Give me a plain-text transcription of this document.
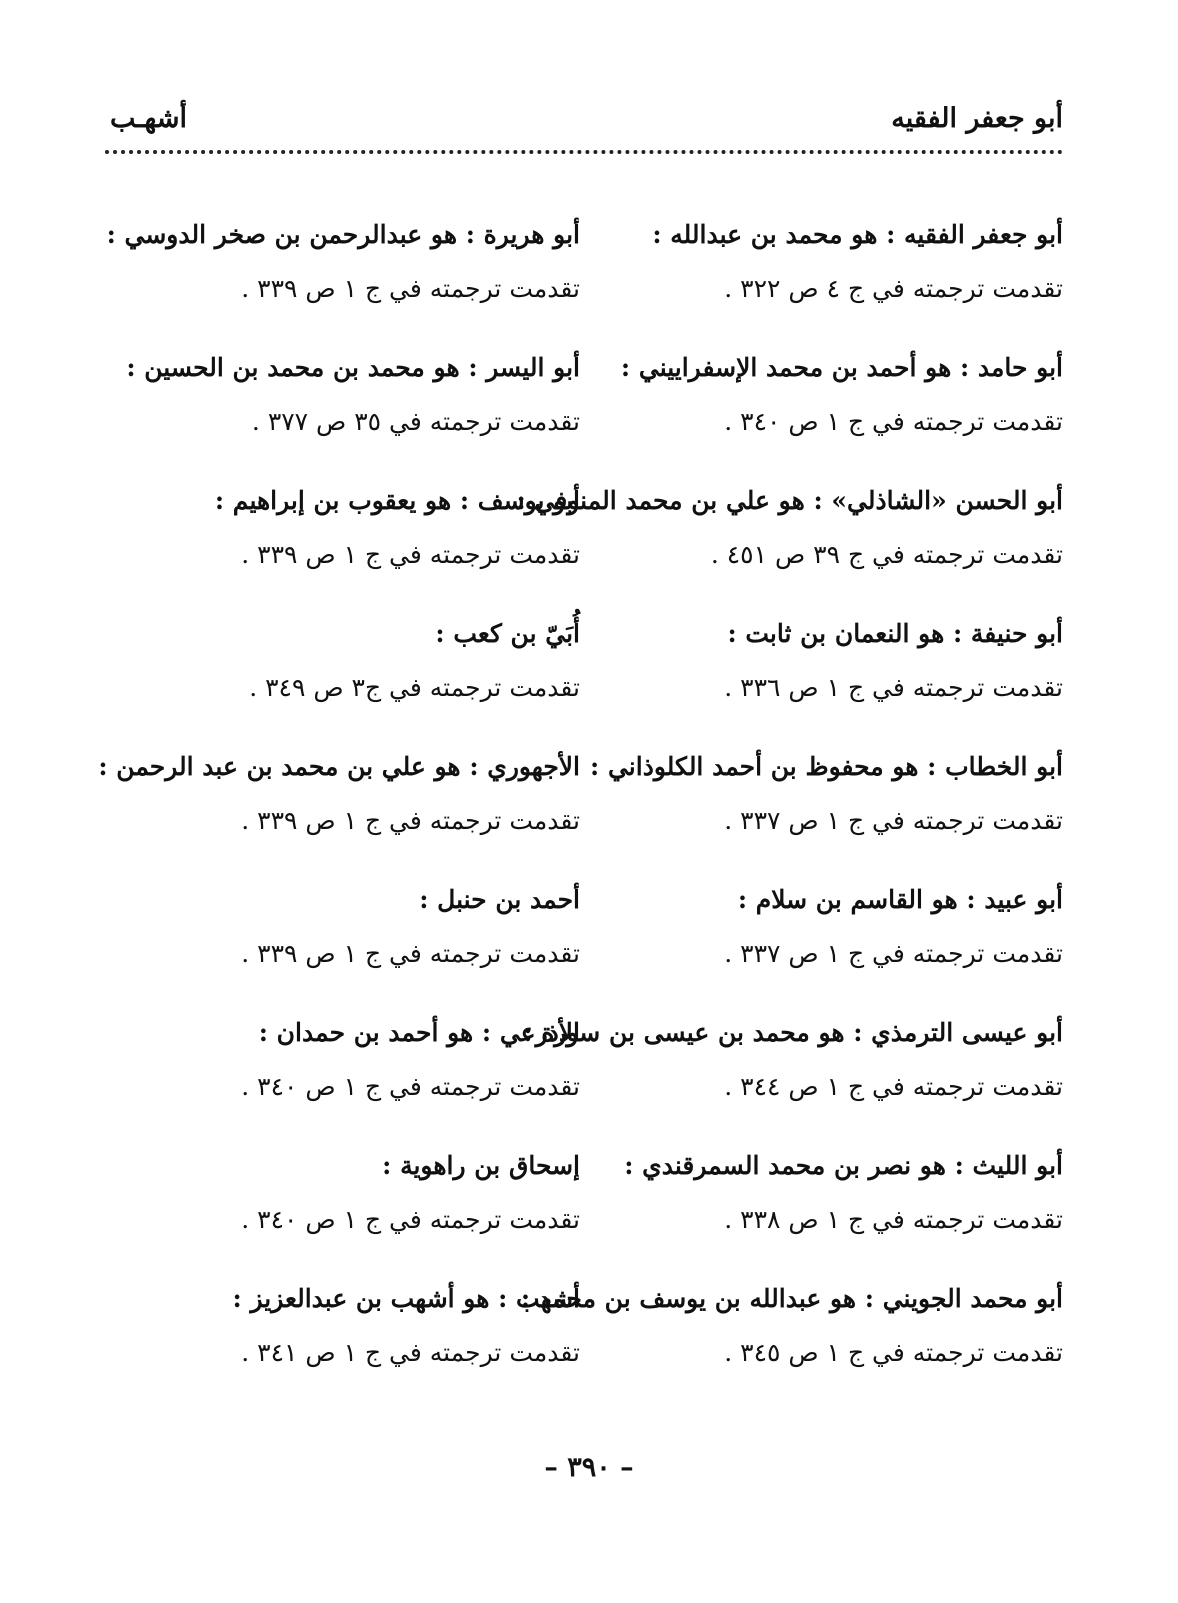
أبو جعفر الفقيه
أشهـب
أبو جعفر الفقيه : هو محمد بن عبدالله :
تقدمت ترجمته في ج ٤ ص ٣٢٢ .
أبو حامد : هو أحمد بن محمد الإسفراييني :
تقدمت ترجمته في ج ١ ص ٣٤٠ .
أبو الحسن «الشاذلي» : هو علي بن محمد المنوفي :
تقدمت ترجمته في ج ٣٩ ص ٤٥١ .
أبو حنيفة : هو النعمان بن ثابت :
تقدمت ترجمته في ج ١ ص ٣٣٦ .
أبو الخطاب : هو محفوظ بن أحمد الكلوذاني :
تقدمت ترجمته في ج ١ ص ٣٣٧ .
أبو عبيد : هو القاسم بن سلام :
تقدمت ترجمته في ج ١ ص ٣٣٧ .
أبو عيسى الترمذي : هو محمد بن عيسى بن سورة :
تقدمت ترجمته في ج ١ ص ٣٤٤ .
أبو الليث : هو نصر بن محمد السمرقندي :
تقدمت ترجمته في ج ١ ص ٣٣٨ .
أبو محمد الجويني : هو عبدالله بن يوسف بن محمد :
تقدمت ترجمته في ج ١ ص ٣٤٥ .
أبو هريرة : هو عبدالرحمن بن صخر الدوسي :
تقدمت ترجمته في ج ١ ص ٣٣٩ .
أبو اليسر : هو محمد بن محمد بن الحسين :
تقدمت ترجمته في ٣٥ ص ٣٧٧ .
أبو يوسف : هو يعقوب بن إبراهيم :
تقدمت ترجمته في ج ١ ص ٣٣٩ .
أُبَيّ بن كعب :
تقدمت ترجمته في ج٣ ص ٣٤٩ .
الأجهوري : هو علي بن محمد بن عبد الرحمن :
تقدمت ترجمته في ج ١ ص ٣٣٩ .
أحمد بن حنبل :
تقدمت ترجمته في ج ١ ص ٣٣٩ .
الأذرعي : هو أحمد بن حمدان :
تقدمت ترجمته في ج ١ ص ٣٤٠ .
إسحاق بن راهوية :
تقدمت ترجمته في ج ١ ص ٣٤٠ .
أشهب : هو أشهب بن عبدالعزيز :
تقدمت ترجمته في ج ١ ص ٣٤١ .
– ٣٩٠ –
